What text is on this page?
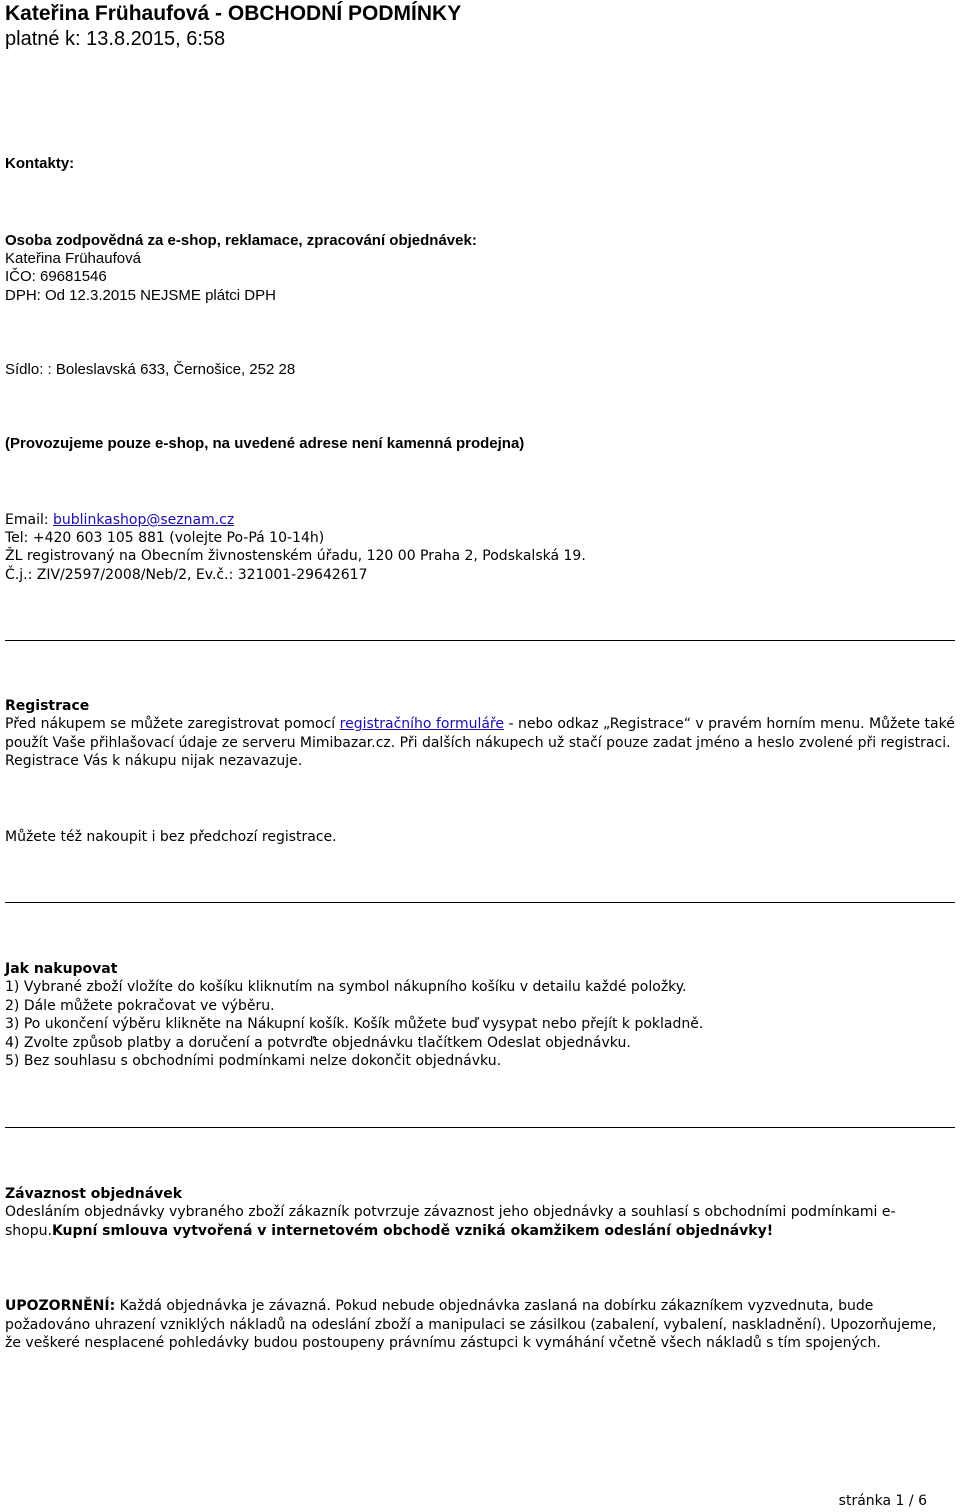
Kateřina Frühaufová - OBCHODNÍ PODMÍNKY
platné k: 13.8.2015, 6:58
Kontakty:
Osoba zodpovědná za e-shop, reklamace, zpracování objednávek:
Kateřina Frühaufová
IČO: 69681546
DPH: Od 12.3.2015 NEJSME plátci DPH
Sídlo: : Boleslavská 633, Černošice, 252 28
(Provozujeme pouze e-shop, na uvedené adrese není kamenná prodejna)
Email: bublinkashop@seznam.cz
Tel: +420 603 105 881 (volejte Po-Pá 10-14h)
ŽL registrovaný na Obecním živnostenském úřadu, 120 00 Praha 2, Podskalská 19.
Č.j.: ZIV/2597/2008/Neb/2, Ev.č.: 321001-29642617
Registrace
Před nákupem se můžete zaregistrovat pomocí registračního formuláře - nebo odkaz „Registrace“ v pravém horním menu. Můžete také použít Vaše přihlašovací údaje ze serveru Mimibazar.cz. Při dalších nákupech už stačí pouze zadat jméno a heslo zvolené při registraci. Registrace Vás k nákupu nijak nezavazuje.
Můžete též nakoupit i bez předchozí registrace.
Jak nakupovat
1) Vybrané zboží vložíte do košíku kliknutím na symbol nákupního košíku v detailu každé položky.
2) Dále můžete pokračovat ve výběru.
3) Po ukončení výběru klikněte na Nákupní košík. Košík můžete buď vysypat nebo přejít k pokladně.
4) Zvolte způsob platby a doručení a potvrďte objednávku tlačítkem Odeslat objednávku.
5) Bez souhlasu s obchodními podmínkami nelze dokončit objednávku.
Závaznost objednávek
Odesláním objednávky vybraného zboží zákazník potvrzuje závaznost jeho objednávky a souhlasí s obchodními podmínkami e-shopu.Kupní smlouva vytvořená v internetovém obchodě vzniká okamžikem odeslání objednávky!
UPOZORNĚNÍ: Každá objednávka je závazná. Pokud nebude objednávka zaslaná na dobírku zákazníkem vyzvednuta, bude požadováno uhrazení vzniklých nákladů na odeslání zboží a manipulaci se zásilkou (zabalení, vybalení, naskladnění). Upozorňujeme, že veškeré nesplacené pohledávky budou postoupeny právnímu zástupci k vymáhání včetně všech nákladů s tím spojených.
stránka 1 / 6
